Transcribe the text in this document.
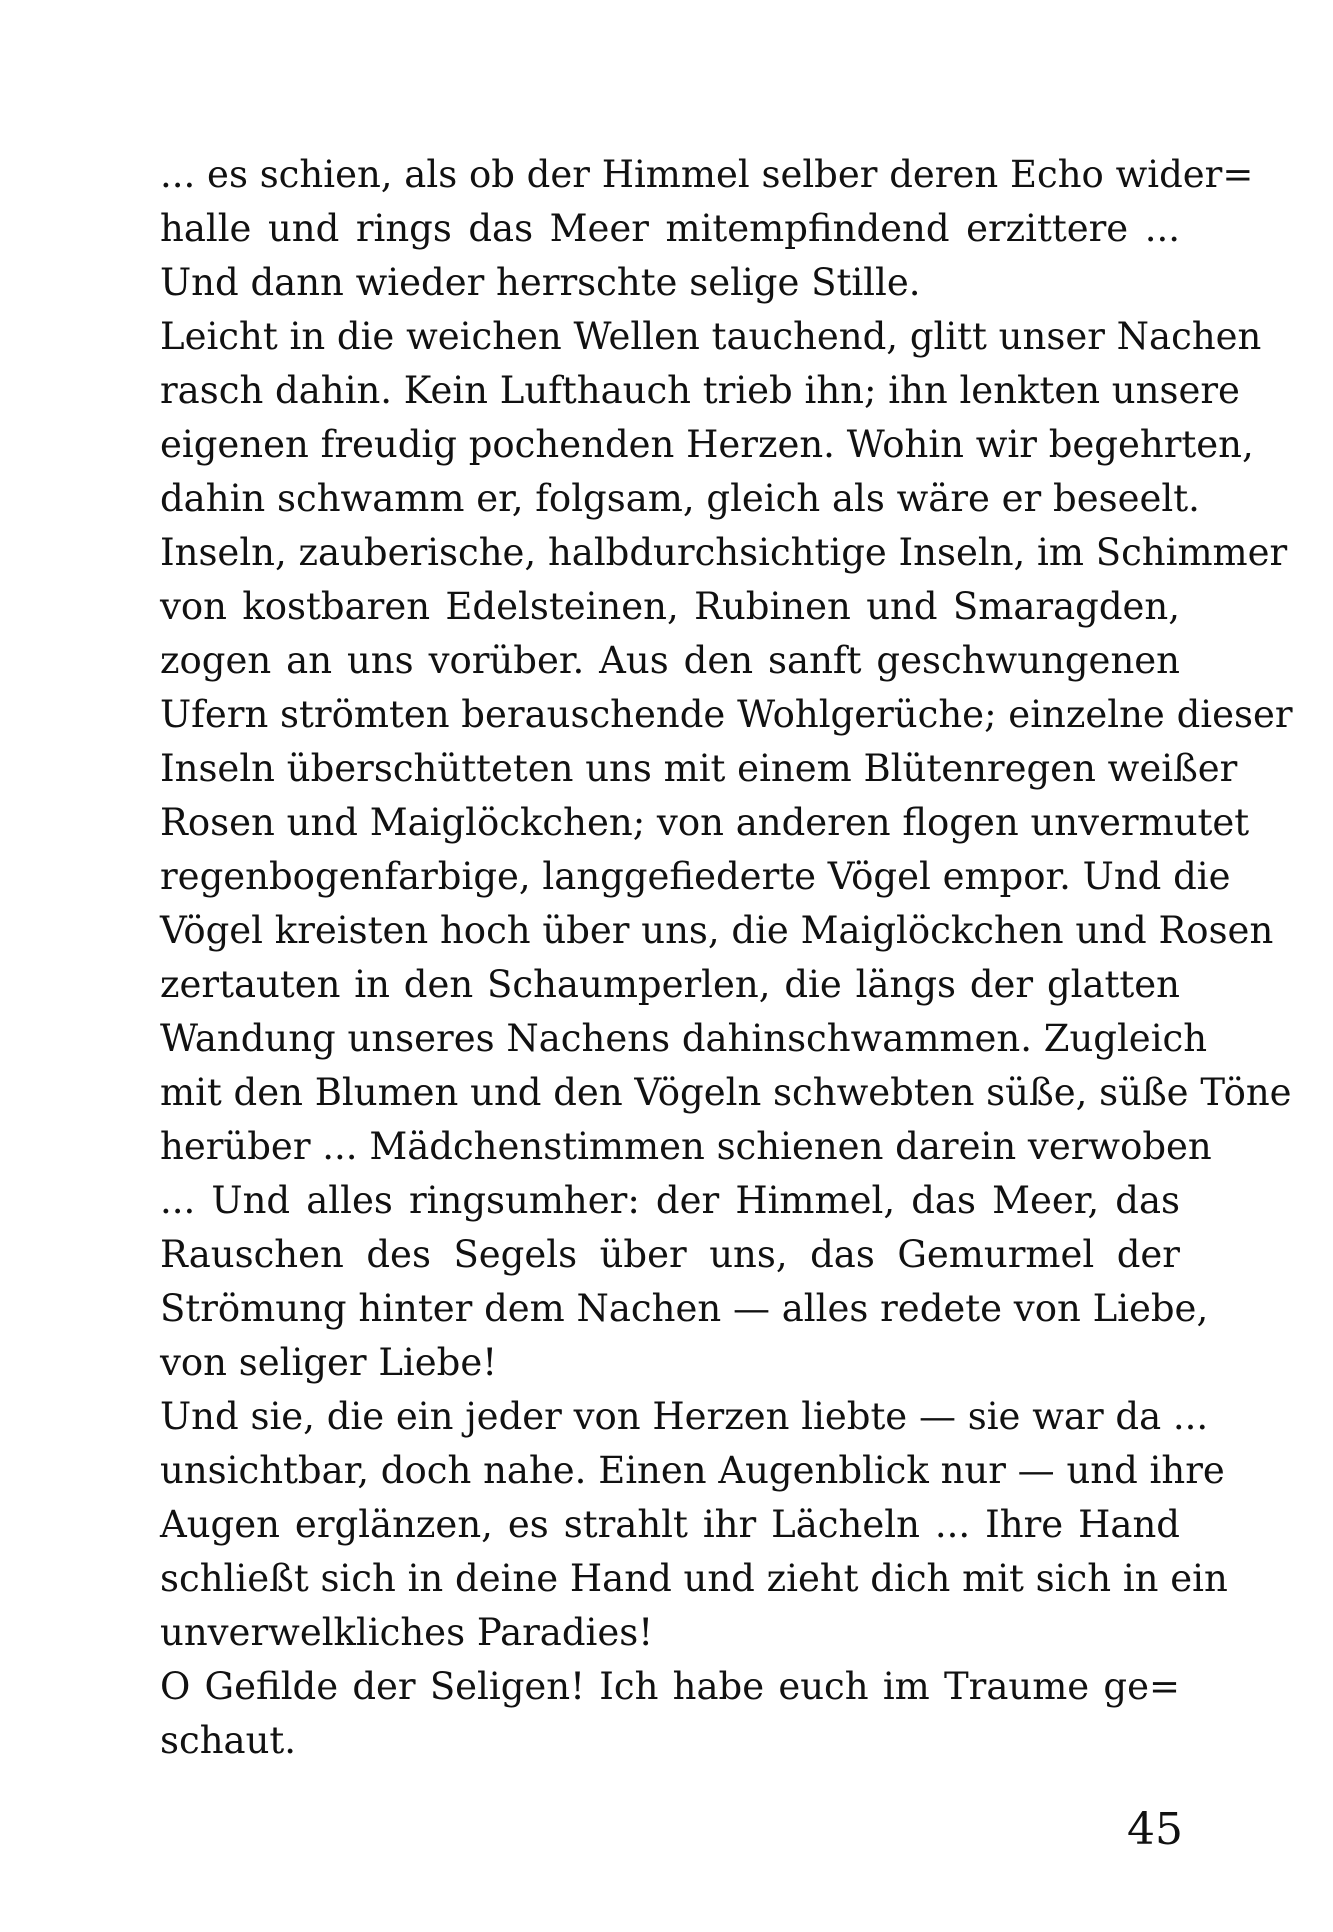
... es schien, als ob der Himmel selber deren Echo wider=
halle und rings das Meer mitempfindend erzittere ...
Und dann wieder herrschte selige Stille.
Leicht in die weichen Wellen tauchend, glitt unser Nachen
rasch dahin. Kein Lufthauch trieb ihn; ihn lenkten unsere
eigenen freudig pochenden Herzen. Wohin wir begehrten,
dahin schwamm er, folgsam, gleich als wäre er beseelt.
Inseln, zauberische, halbdurchsichtige Inseln, im Schimmer
von kostbaren Edelsteinen, Rubinen und Smaragden,
zogen an uns vorüber. Aus den sanft geschwungenen
Ufern strömten berauschende Wohlgerüche; einzelne dieser
Inseln überschütteten uns mit einem Blütenregen weißer
Rosen und Maiglöckchen; von anderen flogen unvermutet
regenbogenfarbige, langgefiederte Vögel empor. Und die
Vögel kreisten hoch über uns, die Maiglöckchen und Rosen
zertauten in den Schaumperlen, die längs der glatten
Wandung unseres Nachens dahinschwammen. Zugleich
mit den Blumen und den Vögeln schwebten süße, süße Töne
herüber ... Mädchenstimmen schienen darein verwoben
... Und alles ringsumher: der Himmel, das Meer, das
Rauschen des Segels über uns, das Gemurmel der
Strömung hinter dem Nachen — alles redete von Liebe,
von seliger Liebe!
Und sie, die ein jeder von Herzen liebte — sie war da ...
unsichtbar, doch nahe. Einen Augenblick nur — und ihre
Augen erglänzen, es strahlt ihr Lächeln ... Ihre Hand
schließt sich in deine Hand und zieht dich mit sich in ein
unverwelkliches Paradies!
O Gefilde der Seligen! Ich habe euch im Traume ge=
schaut.
45
